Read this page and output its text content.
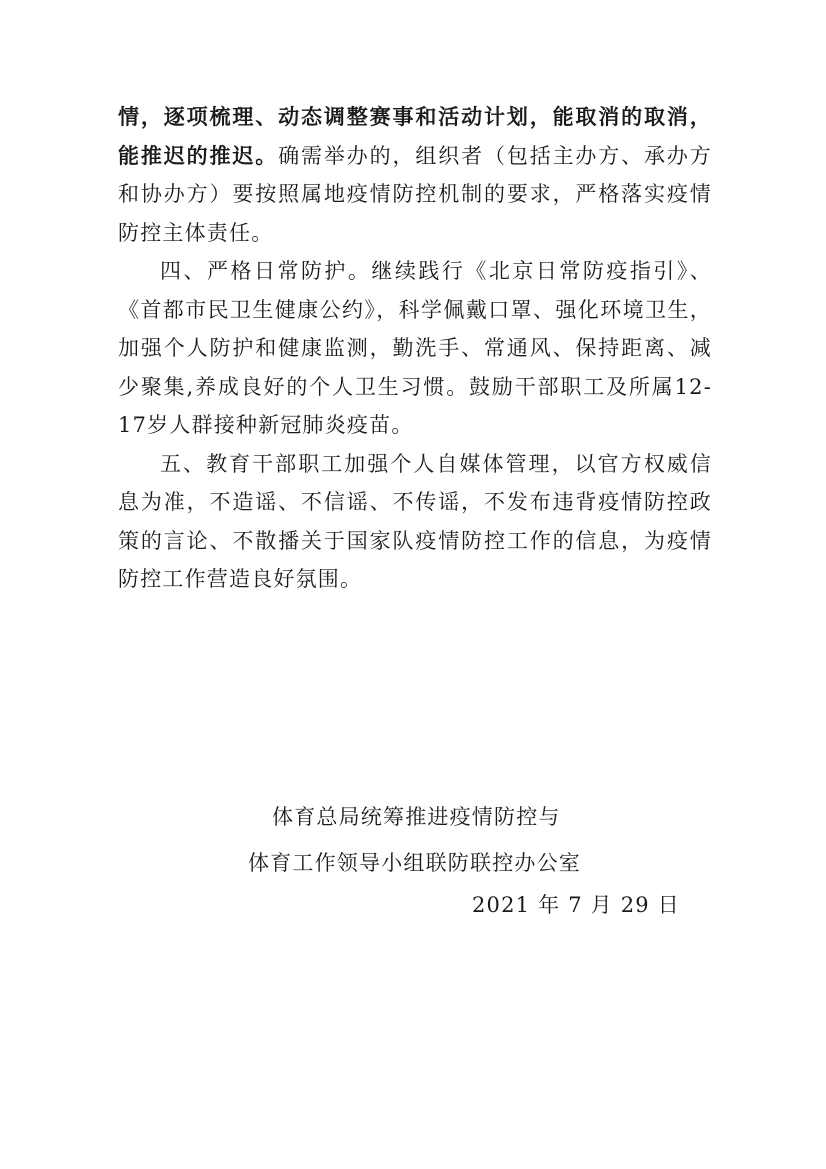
情，逐项梳理、动态调整赛事和活动计划，能取消的取消，能推迟的推迟。确需举办的，组织者（包括主办方、承办方和协办方）要按照属地疫情防控机制的要求，严格落实疫情防控主体责任。

四、严格日常防护。继续践行《北京日常防疫指引》、《首都市民卫生健康公约》，科学佩戴口罩、强化环境卫生，加强个人防护和健康监测，勤洗手、常通风、保持距离、减少聚集,养成良好的个人卫生习惯。鼓励干部职工及所属12-17岁人群接种新冠肺炎疫苗。

五、教育干部职工加强个人自媒体管理，以官方权威信息为准，不造谣、不信谣、不传谣，不发布违背疫情防控政策的言论、不散播关于国家队疫情防控工作的信息，为疫情防控工作营造良好氛围。

体育总局统筹推进疫情防控与
体育工作领导小组联防联控办公室
2021 年 7 月 29 日
